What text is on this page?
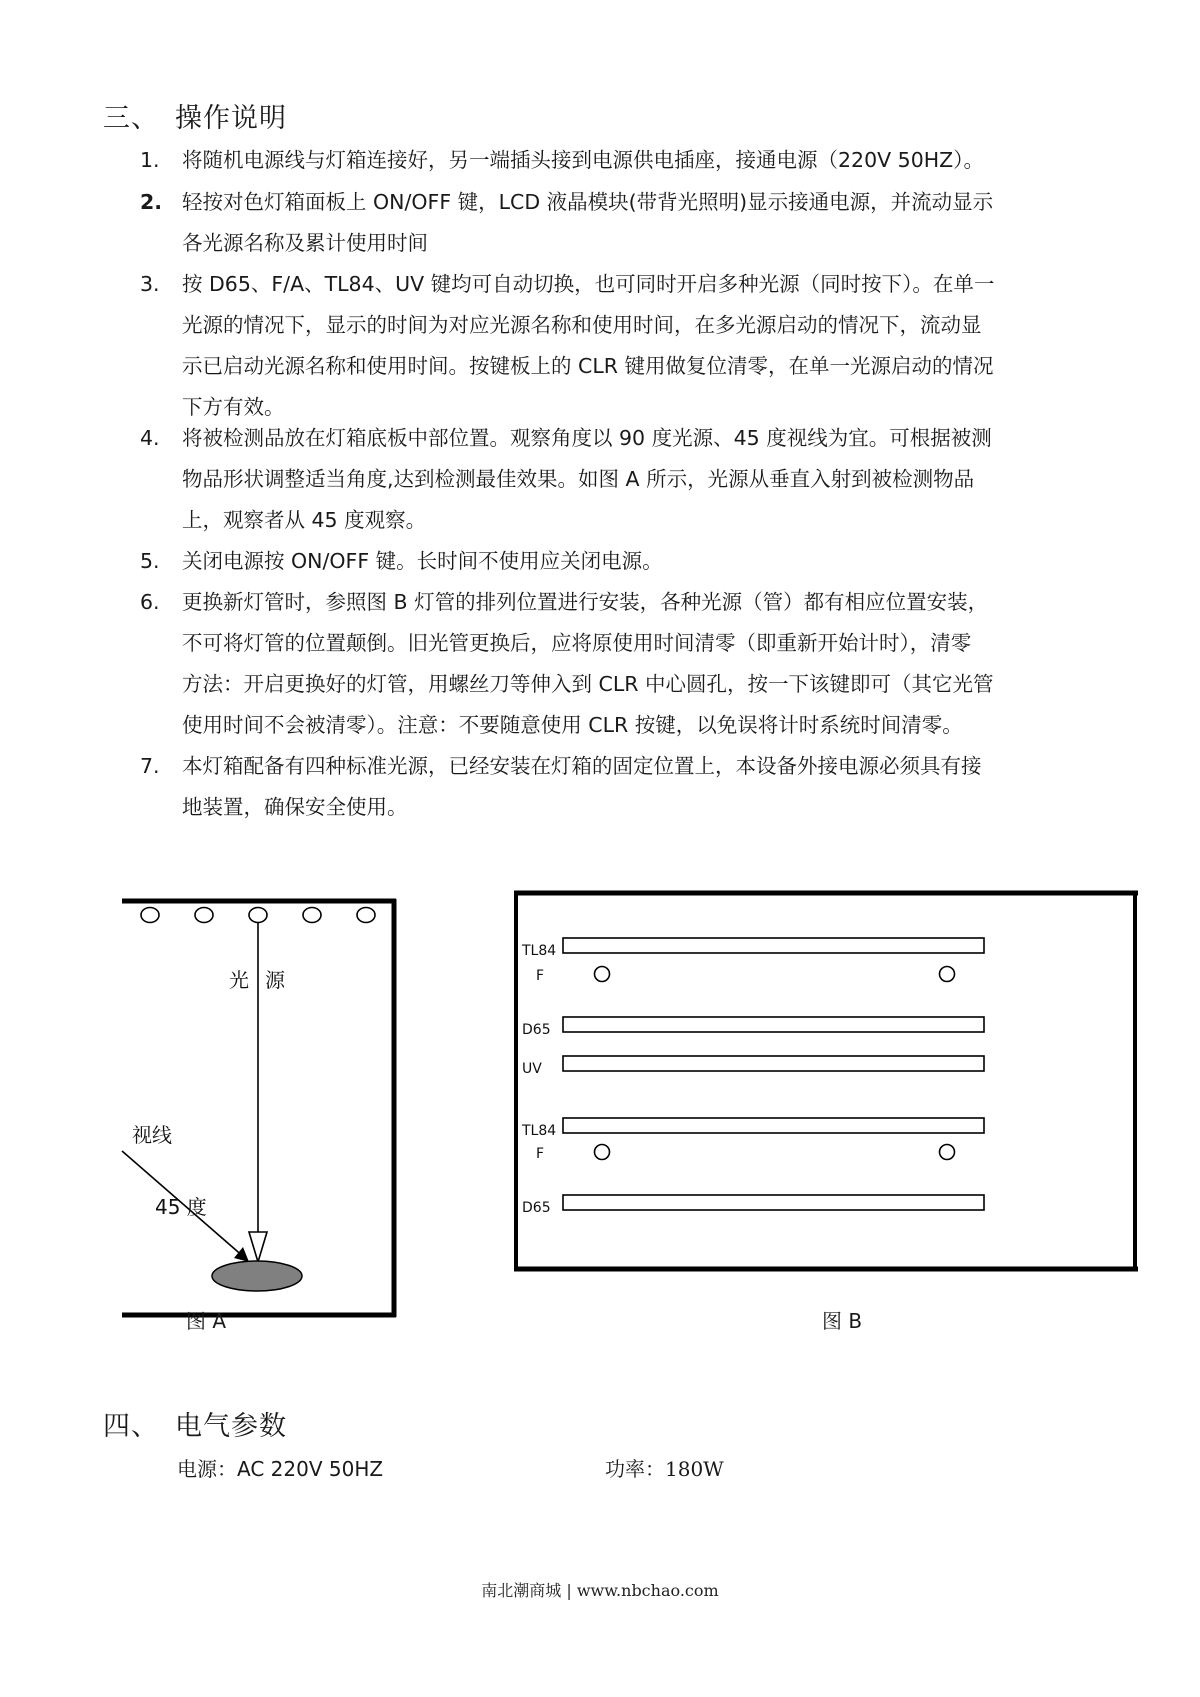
三、 操作说明
1. 将随机电源线与灯箱连接好，另一端插头接到电源供电插座，接通电源（220V 50HZ）。
2. 轻按对色灯箱面板上 ON/OFF 键，LCD 液晶模块(带背光照明)显示接通电源，并流动显示
各光源名称及累计使用时间
3. 按 D65、F/A、TL84、UV 键均可自动切换，也可同时开启多种光源（同时按下）。在单一
光源的情况下，显示的时间为对应光源名称和使用时间，在多光源启动的情况下，流动显
示已启动光源名称和使用时间。按键板上的 CLR 键用做复位清零，在单一光源启动的情况
下方有效。
4. 将被检测品放在灯箱底板中部位置。观察角度以 90 度光源、45 度视线为宜。可根据被测
物品形状调整适当角度,达到检测最佳效果。如图 A 所示，光源从垂直入射到被检测物品
上，观察者从 45 度观察。
5. 关闭电源按 ON/OFF 键。长时间不使用应关闭电源。
6. 更换新灯管时，参照图 B 灯管的排列位置进行安装，各种光源（管）都有相应位置安装，
不可将灯管的位置颠倒。旧光管更换后，应将原使用时间清零（即重新开始计时），清零
方法：开启更换好的灯管，用螺丝刀等伸入到 CLR 中心圆孔，按一下该键即可（其它光管
使用时间不会被清零）。注意：不要随意使用 CLR 按键，以免误将计时系统时间清零。
7. 本灯箱配备有四种标准光源，已经安装在灯箱的固定位置上，本设备外接电源必须具有接
地装置，确保安全使用。
光 源
视线
45 度
图 A
TL84
F
D65
UV
TL84
F
D65
图 B
四、 电气参数
电源：AC 220V 50HZ	功率：180W
南北潮商城 | www.nbchao.com
